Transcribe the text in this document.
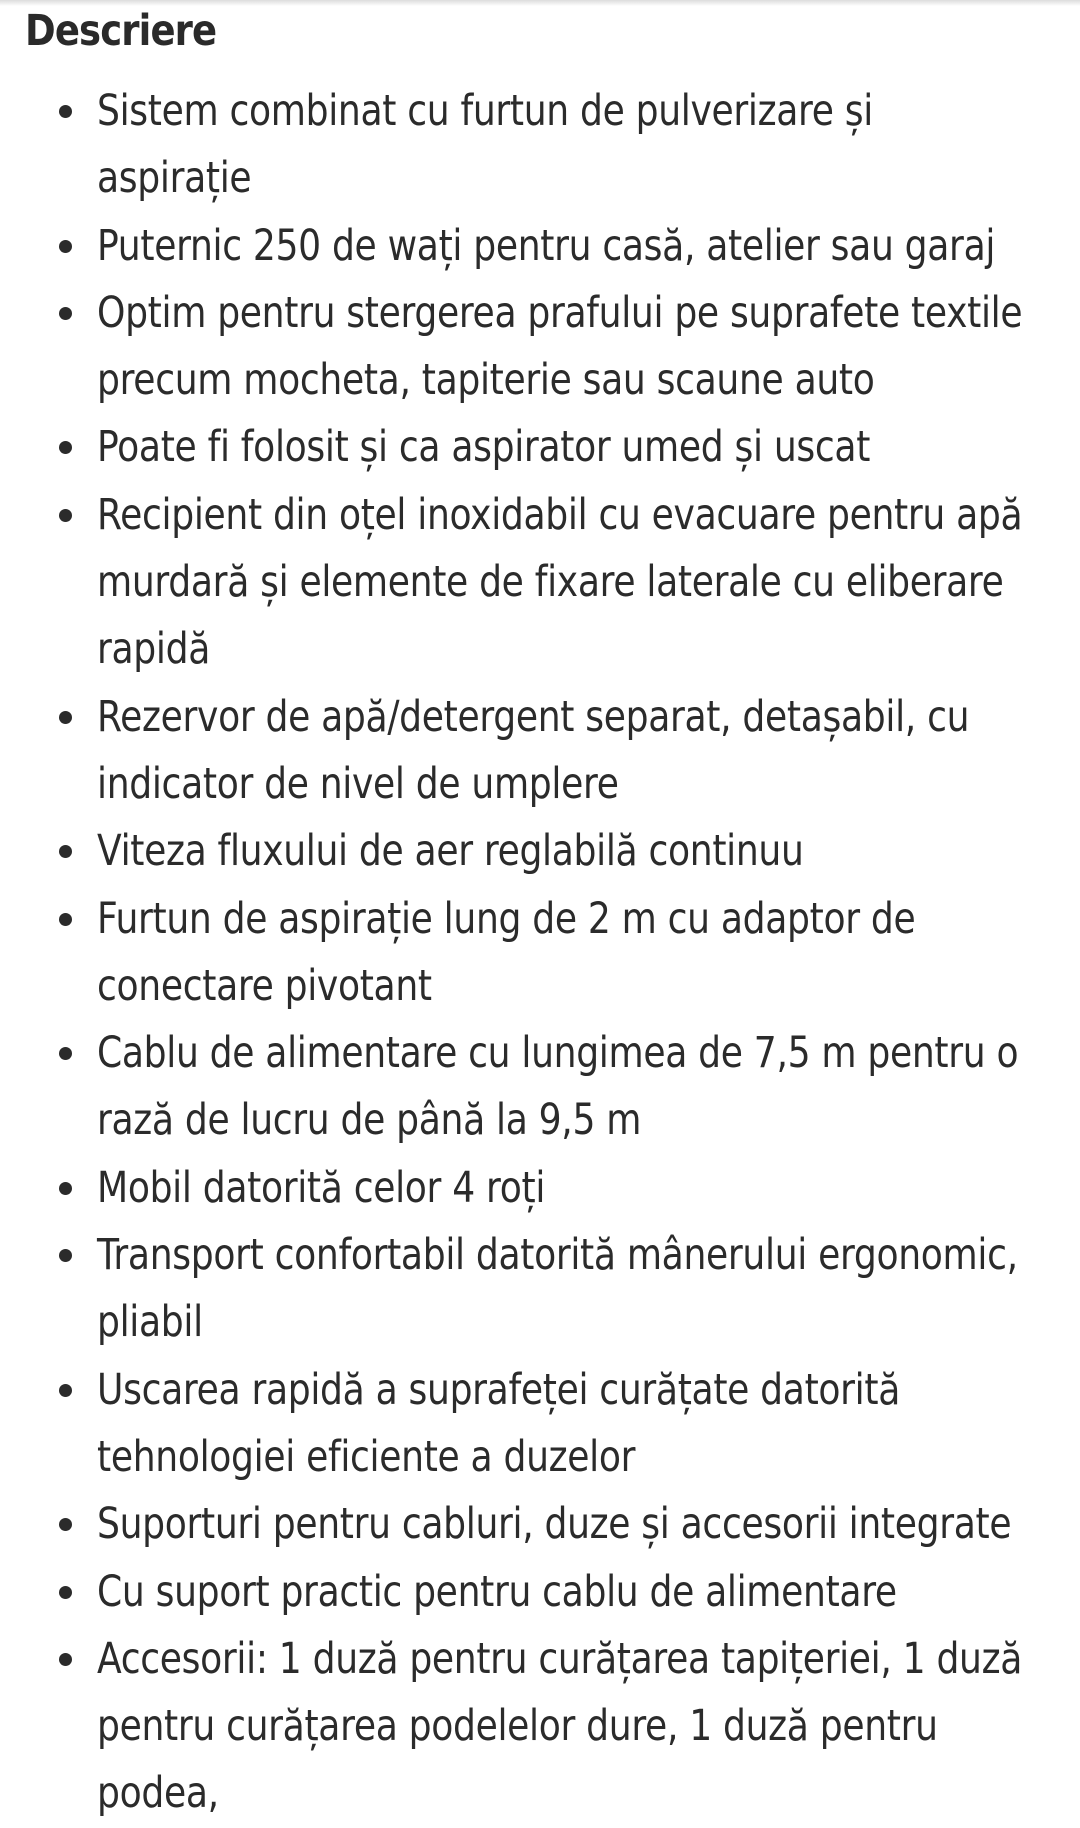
Descriere
Sistem combinat cu furtun de pulverizare și aspirație
Puternic 250 de wați pentru casă, atelier sau garaj
Optim pentru stergerea prafului pe suprafete textile
precum mocheta, tapiterie sau scaune auto
Poate fi folosit și ca aspirator umed și uscat
Recipient din oțel inoxidabil cu evacuare pentru apă
murdară și elemente de fixare laterale cu eliberare
rapidă
Rezervor de apă/detergent separat, detașabil, cu
indicator de nivel de umplere
Viteza fluxului de aer reglabilă continuu
Furtun de aspirație lung de 2 m cu adaptor de
conectare pivotant
Cablu de alimentare cu lungimea de 7,5 m pentru o
rază de lucru de până la 9,5 m
Mobil datorită celor 4 roți
Transport confortabil datorită mânerului ergonomic,
pliabil
Uscarea rapidă a suprafeței curățate datorită
tehnologiei eficiente a duzelor
Suporturi pentru cabluri, duze și accesorii integrate
Cu suport practic pentru cablu de alimentare
Accesorii: 1 duză pentru curățarea tapițeriei, 1 duză
pentru curățarea podelelor dure, 1 duză pentru podea,
